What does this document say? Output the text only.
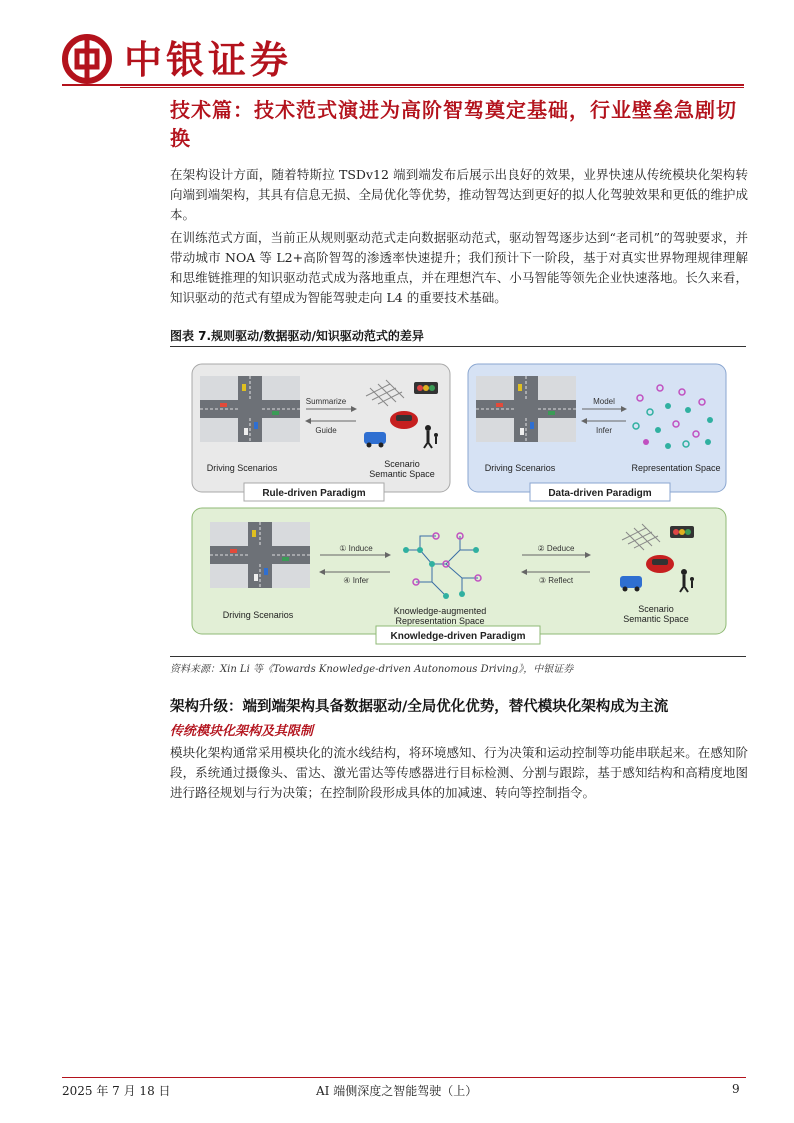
中银证券
技术篇：技术范式演进为高阶智驾奠定基础，行业壁垒急剧切换

在架构设计方面，随着特斯拉 TSDv12 端到端发布后展示出良好的效果，业界快速从传统模块化架构转向端到端架构，其具有信息无损、全局优化等优势，推动智驾达到更好的拟人化驾驶效果和更低的维护成本。

在训练范式方面，当前正从规则驱动范式走向数据驱动范式，驱动智驾逐步达到“老司机”的驾驶要求，并带动城市 NOA 等 L2+高阶智驾的渗透率快速提升；我们预计下一阶段，基于对真实世界物理规律理解和思维链推理的知识驱动范式成为落地重点，并在理想汽车、小马智能等领先企业快速落地。长久来看，知识驱动的范式有望成为智能驾驶走向 L4 的重要技术基础。

图表 7.规则驱动/数据驱动/知识驱动范式的差异
Driving Scenarios
Summarize
Guide
Scenario
Semantic Space
Rule-driven Paradigm
Driving Scenarios
Model
Infer
Representation Space
Data-driven Paradigm
Driving Scenarios
① Induce
④ Infer
Knowledge-augmented
Representation Space
② Deduce
③ Reflect
Scenario
Semantic Space
Knowledge-driven Paradigm
资料来源：Xin Li 等《Towards Knowledge-driven Autonomous Driving》，中银证券
架构升级：端到端架构具备数据驱动/全局优化优势，替代模块化架构成为主流
传统模块化架构及其限制

模块化架构通常采用模块化的流水线结构，将环境感知、行为决策和运动控制等功能串联起来。在感知阶段，系统通过摄像头、雷达、激光雷达等传感器进行目标检测、分割与跟踪，基于感知结构和高精度地图进行路径规划与行为决策；在控制阶段形成具体的加减速、转向等控制指令。

2025 年 7 月 18 日	AI 端侧深度之智能驾驶（上）	9
